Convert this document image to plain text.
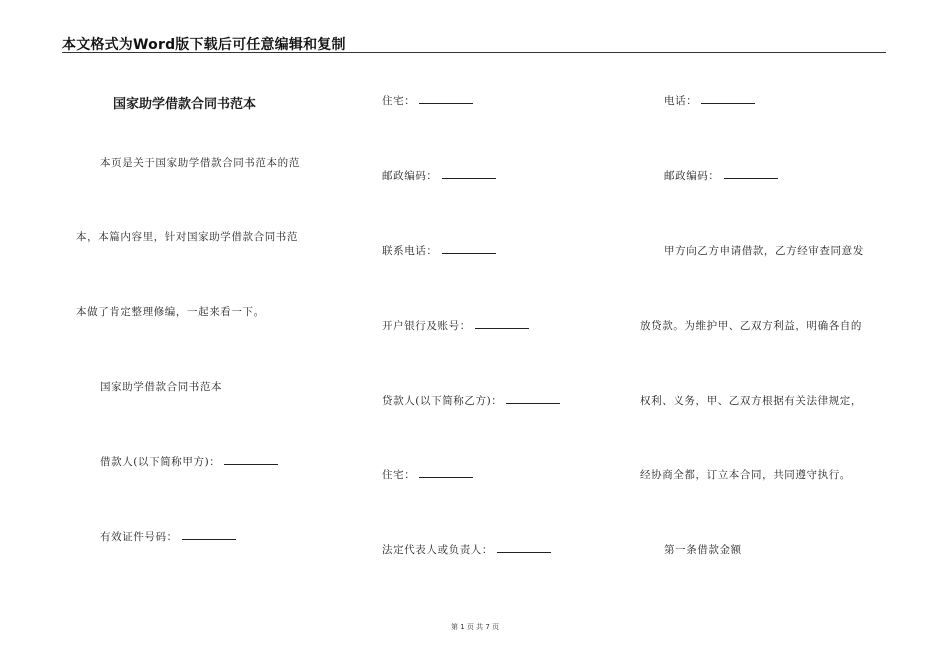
本文格式为Word版下载后可任意编辑和复制
国家助学借款合同书范本
本页是关于国家助学借款合同书范本的范
本，本篇内容里，针对国家助学借款合同书范
本做了肯定整理修编，一起来看一下。
国家助学借款合同书范本
借款人(以下简称甲方)：
有效证件号码：
住宅：
邮政编码：
联系电话：
开户银行及账号：
贷款人(以下简称乙方)：
住宅：
法定代表人或负责人：
电话：
邮政编码：
甲方向乙方申请借款，乙方经审查同意发
放贷款。为维护甲、乙双方利益，明确各自的
权利、义务，甲、乙双方根据有关法律规定，
经协商全都，订立本合同，共同遵守执行。
第一条借款金额
第 1 页 共 7 页
